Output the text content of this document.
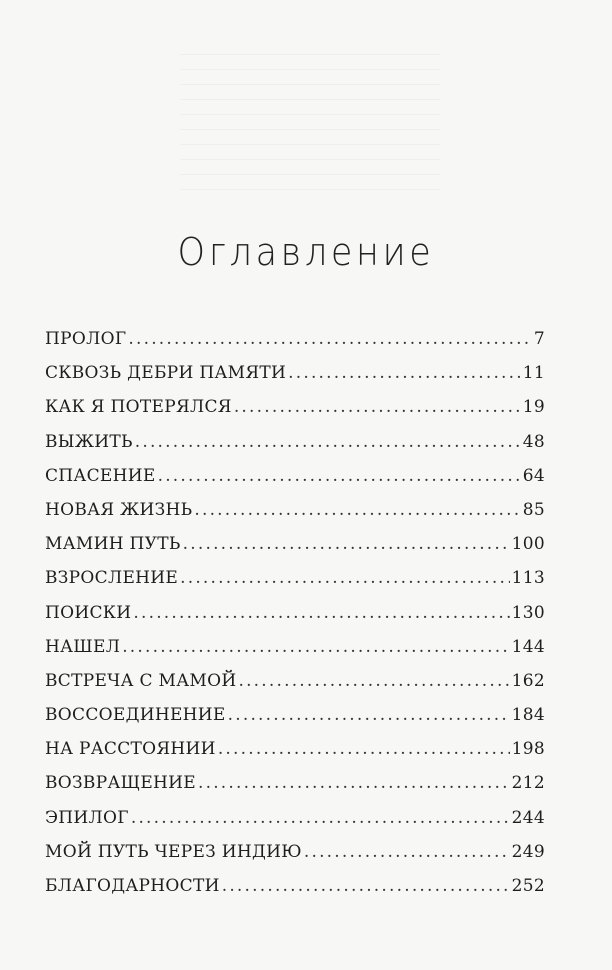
Оглавление
ПРОЛОГ .....	7
СКВОЗЬ ДЕБРИ ПАМЯТИ .....	11
КАК Я ПОТЕРЯЛСЯ .....	19
ВЫЖИТЬ .....	48
СПАСЕНИЕ .....	64
НОВАЯ ЖИЗНЬ .....	85
МАМИН ПУТЬ .....	100
ВЗРОСЛЕНИЕ .....	113
ПОИСКИ .....	130
НАШЕЛ .....	144
ВСТРЕЧА С МАМОЙ .....	162
ВОССОЕДИНЕНИЕ .....	184
НА РАССТОЯНИИ .....	198
ВОЗВРАЩЕНИЕ .....	212
ЭПИЛОГ .....	244
МОЙ ПУТЬ ЧЕРЕЗ ИНДИЮ .....	249
БЛАГОДАРНОСТИ .....	252
